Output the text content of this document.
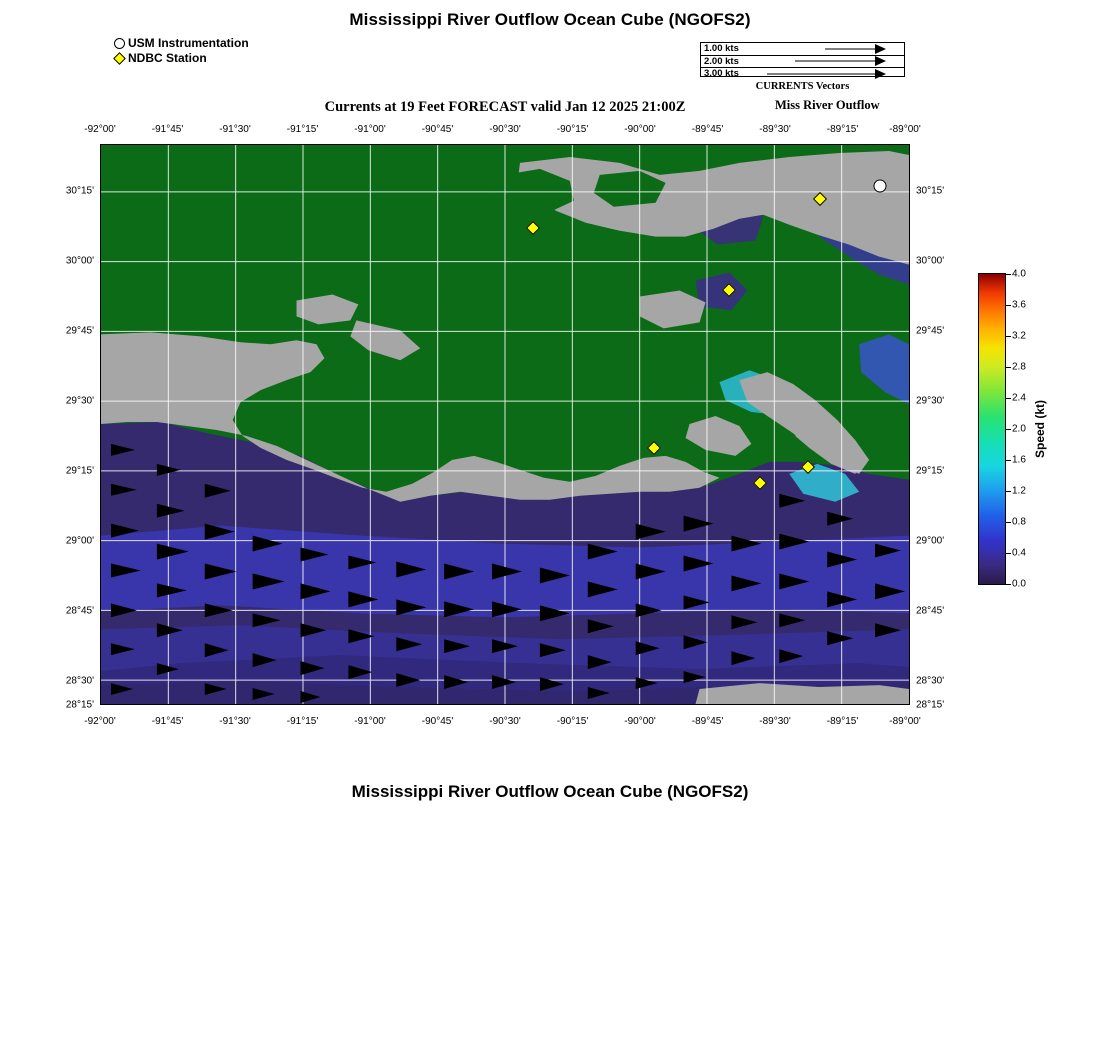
Mississippi River Outflow Ocean Cube (NGOFS2)
USM Instrumentation
NDBC Station
1.00 kts
2.00 kts
3.00 kts
CURRENTS Vectors
Currents at 19 Feet FORECAST valid Jan 12 2025 21:00Z	Miss River Outflow
-92°00'	-91°45'	-91°30'	-91°15'	-91°00'	-90°45'	-90°30'	-90°15'	-90°00'	-89°45'	-89°30'	-89°15'	-89°00'
-92°00'	-91°45'	-91°30'	-91°15'	-91°00'	-90°45'	-90°30'	-90°15'	-90°00'	-89°45'	-89°30'	-89°15'	-89°00'
30°15'
30°00'
29°45'
29°30'
29°15'
29°00'
28°45'
28°30'
28°15'
30°15'
30°00'
29°45'
29°30'
29°15'
29°00'
28°45'
28°30'
28°15'
4.0
3.6
3.2
2.8
2.4
2.0
1.6
1.2
0.8
0.4
0.0
Speed (kt)
Mississippi River Outflow Ocean Cube (NGOFS2)
